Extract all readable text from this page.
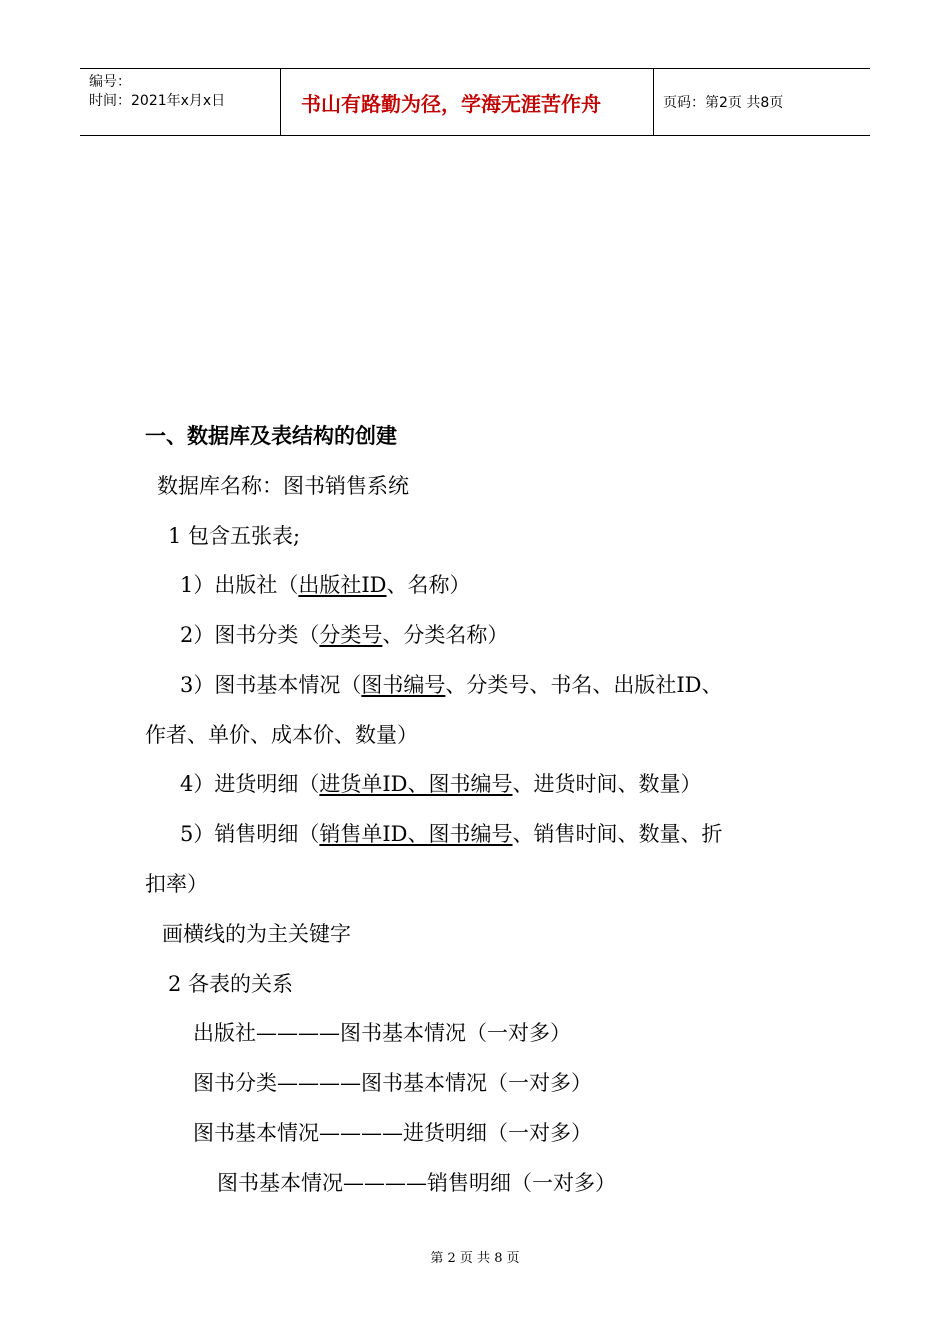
编号：
时间：2021年x月x日	书山有路勤为径，学海无涯苦作舟	页码：第2页 共8页
一、数据库及表结构的创建
数据库名称：图书销售系统
1 包含五张表;
1）出版社（出版社ID、名称）
2）图书分类（分类号、分类名称）
3）图书基本情况（图书编号、分类号、书名、出版社ID、
作者、单价、成本价、数量）
4）进货明细（进货单ID、图书编号、进货时间、数量）
5）销售明细（销售单ID、图书编号、销售时间、数量、折
扣率）
画横线的为主关键字
2 各表的关系
出版社————图书基本情况（一对多）
图书分类————图书基本情况（一对多）
图书基本情况————进货明细（一对多）
图书基本情况————销售明细（一对多）
第 2 页 共 8 页
